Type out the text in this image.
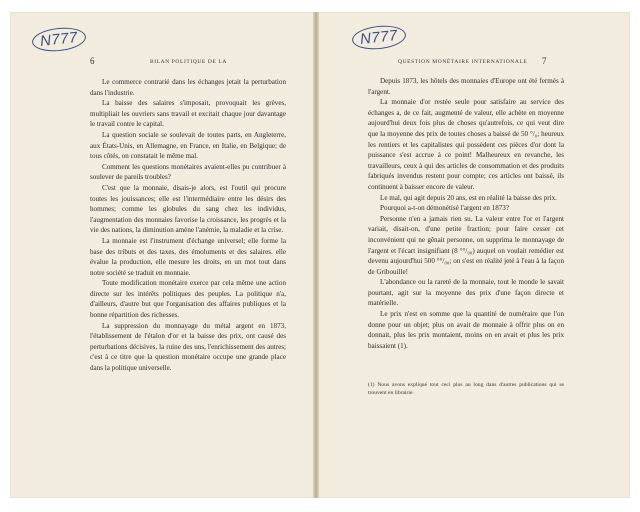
N777
6	BILAN POLITIQUE DE LA

Le commerce contrarié dans les échanges jetait la perturbation dans l'industrie.

La baisse des salaires s'imposait, provoquait les grèves, multipliait les ouvriers sans travail et excitait chaque jour davantage le travail contre le capital.

La question sociale se soulevait de toutes parts, en Angleterre, aux États-Unis, en Allemagne, en France, en Italie, en Belgique; de tous côtés, on constatait le même mal.

Comment les questions monétaires avaient-elles pu contribuer à soulever de pareils troubles?

C'est que la monnaie, disais-je alors, est l'outil qui procure toutes les jouissances; elle est l'intermédiaire entre les désirs des hommes; comme les globules du sang chez les individus, l'augmentation des monnaies favorise la croissance, les progrès et la vie des nations, la diminution amène l'anémie, la maladie et la crise.

La monnaie est l'instrument d'échange universel; elle forme la base des tributs et des taxes, des émoluments et des salaires. elle évalue la production, elle mesure les droits, en un mot tout dans notre société se traduit en monnaie.

Toute modification monétaire exerce par cela même une action directe sur les intérêts politiques des peuples. La politique n'a, d'ailleurs, d'autre but que l'organisation des affaires publiques et la bonne répartition des richesses.

La suppression du monnayage du métal argent en 1873, l'établissement de l'étalon d'or et la baisse des prix, ont causé des perturbations décisives, la ruine des uns, l'enrichissement des autres; c'est à ce titre que la question monétaire occupe une grande place dans la politique universelle.

N777
QUESTION MONÉTAIRE INTERNATIONALE 7

Depuis 1873, les hôtels des monnaies d'Europe ont été fermés à l'argent.

La monnaie d'or restée seule pour satisfaire au service des échanges a, de ce fait, augmenté de valeur, elle achète en moyenne aujourd'hui deux fois plus de choses qu'autrefois, ce qui veut dire que la moyenne des prix de toutes choses a baissé de 50 °/₀; heureux les rentiers et les capitalistes qui possèdent ces pièces d'or dont la puissance s'est accrue à ce point! Malheureux en revanche, les travailleurs, ceux à qui des articles de consommation et des produits fabriqués invendus restent pour compte; ces articles ont baissé, ils continuent à baisser encore de valeur.

Le mal, qui agit depuis 20 ans, est en réalité la baisse des prix.

Pourquoi a-t-on démonétisé l'argent en 1873?

Personne n'en a jamais rien su. La valeur entre l'or et l'argent variait, disait-on, d'une petite fraction; pour faire cesser cet inconvénient qui ne gênait personne, on supprima le monnayage de l'argent et l'écart insignifiant (8 °°/₀₀) auquel on voulait remédier est devenu aujourd'hui 500 °°/₀₀; on s'est en réalité jeté à l'eau à la façon de Gribouille!

L'abondance ou la rareté de la monnaie, tout le monde le savait pourtant, agit sur la moyenne des prix d'une façon directe et matérielle.

Le prix n'est en somme que la quantité de numéraire que l'on donne pour un objet; plus on avait de monnaie à offrir plus on en donnait, plus les prix montaient, moins on en avait et plus les prix baissaient (1).

(1) Nous avons expliqué tout ceci plus au long dans d'autres publications qui se trouvent en librairie.
